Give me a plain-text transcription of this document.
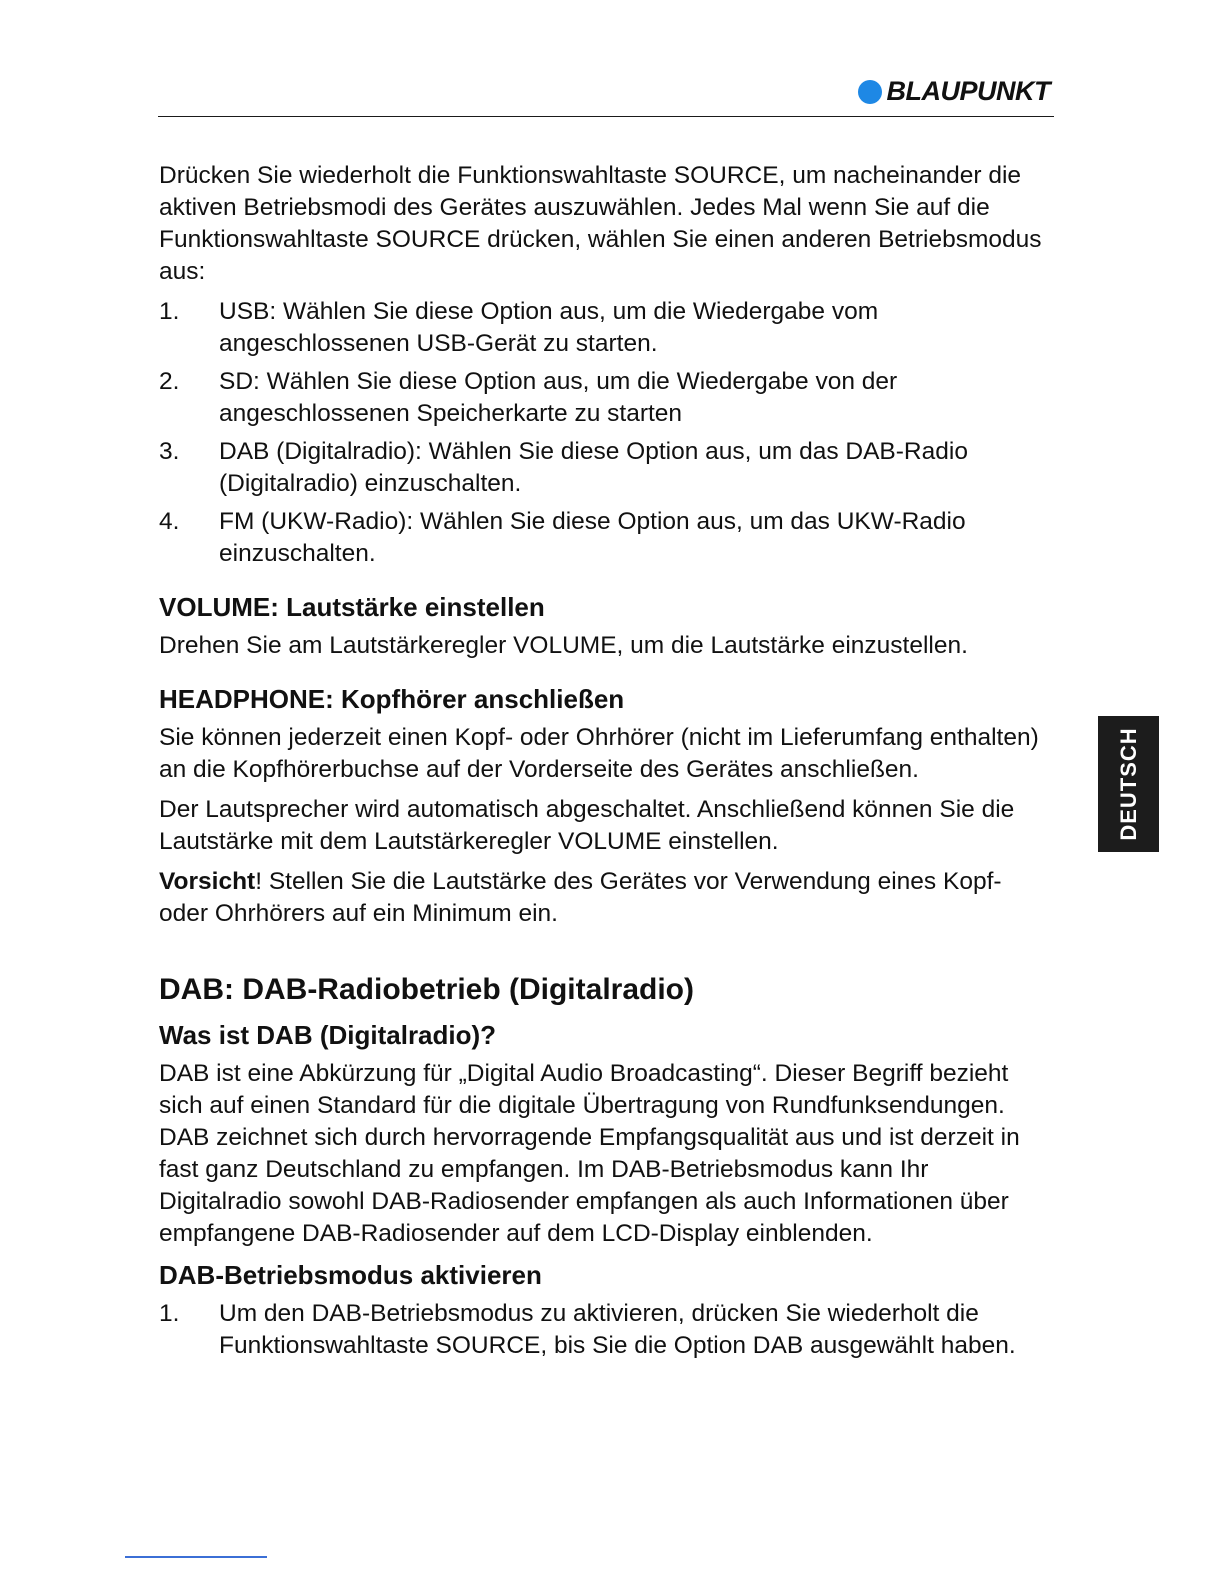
BLAUPUNKT
DEUTSCH

Drücken Sie wiederholt die Funktionswahltaste SOURCE, um nacheinander die aktiven Betriebsmodi des Gerätes auszuwählen. Jedes Mal wenn Sie auf die Funktionswahltaste SOURCE drücken, wählen Sie einen anderen Betriebsmodus aus:

1.	USB: Wählen Sie diese Option aus, um die Wiedergabe vom angeschlossenen USB-Gerät zu starten.
2.	SD: Wählen Sie diese Option aus, um die Wiedergabe von der angeschlossenen Speicherkarte zu starten
3.	DAB (Digitalradio): Wählen Sie diese Option aus, um das DAB-Radio (Digitalradio) einzuschalten.
4.	FM (UKW-Radio): Wählen Sie diese Option aus, um das UKW-Radio einzuschalten.
VOLUME: Lautstärke einstellen

Drehen Sie am Lautstärkeregler VOLUME, um die Lautstärke einzustellen.

HEADPHONE: Kopfhörer anschließen

Sie können jederzeit einen Kopf- oder Ohrhörer (nicht im Lieferumfang enthalten) an die Kopfhörerbuchse auf der Vorderseite des Gerätes anschließen.

Der Lautsprecher wird automatisch abgeschaltet. Anschließend können Sie die Lautstärke mit dem Lautstärkeregler VOLUME einstellen.

Vorsicht! Stellen Sie die Lautstärke des Gerätes vor Verwendung eines Kopf- oder Ohrhörers auf ein Minimum ein.

DAB: DAB-Radiobetrieb (Digitalradio)
Was ist DAB (Digitalradio)?

DAB ist eine Abkürzung für „Digital Audio Broadcasting“. Dieser Begriff bezieht sich auf einen Standard für die digitale Übertragung von Rundfunksendungen. DAB zeichnet sich durch hervorragende Empfangsqualität aus und ist derzeit in fast ganz Deutschland zu empfangen. Im DAB-Betriebsmodus kann Ihr Digitalradio sowohl DAB-Radiosender empfangen als auch Informationen über empfangene DAB-Radiosender auf dem LCD-Display einblenden.

DAB-Betriebsmodus aktivieren
1.	Um den DAB-Betriebsmodus zu aktivieren, drücken Sie wiederholt die Funktionswahltaste SOURCE, bis Sie die Option DAB ausgewählt haben.
